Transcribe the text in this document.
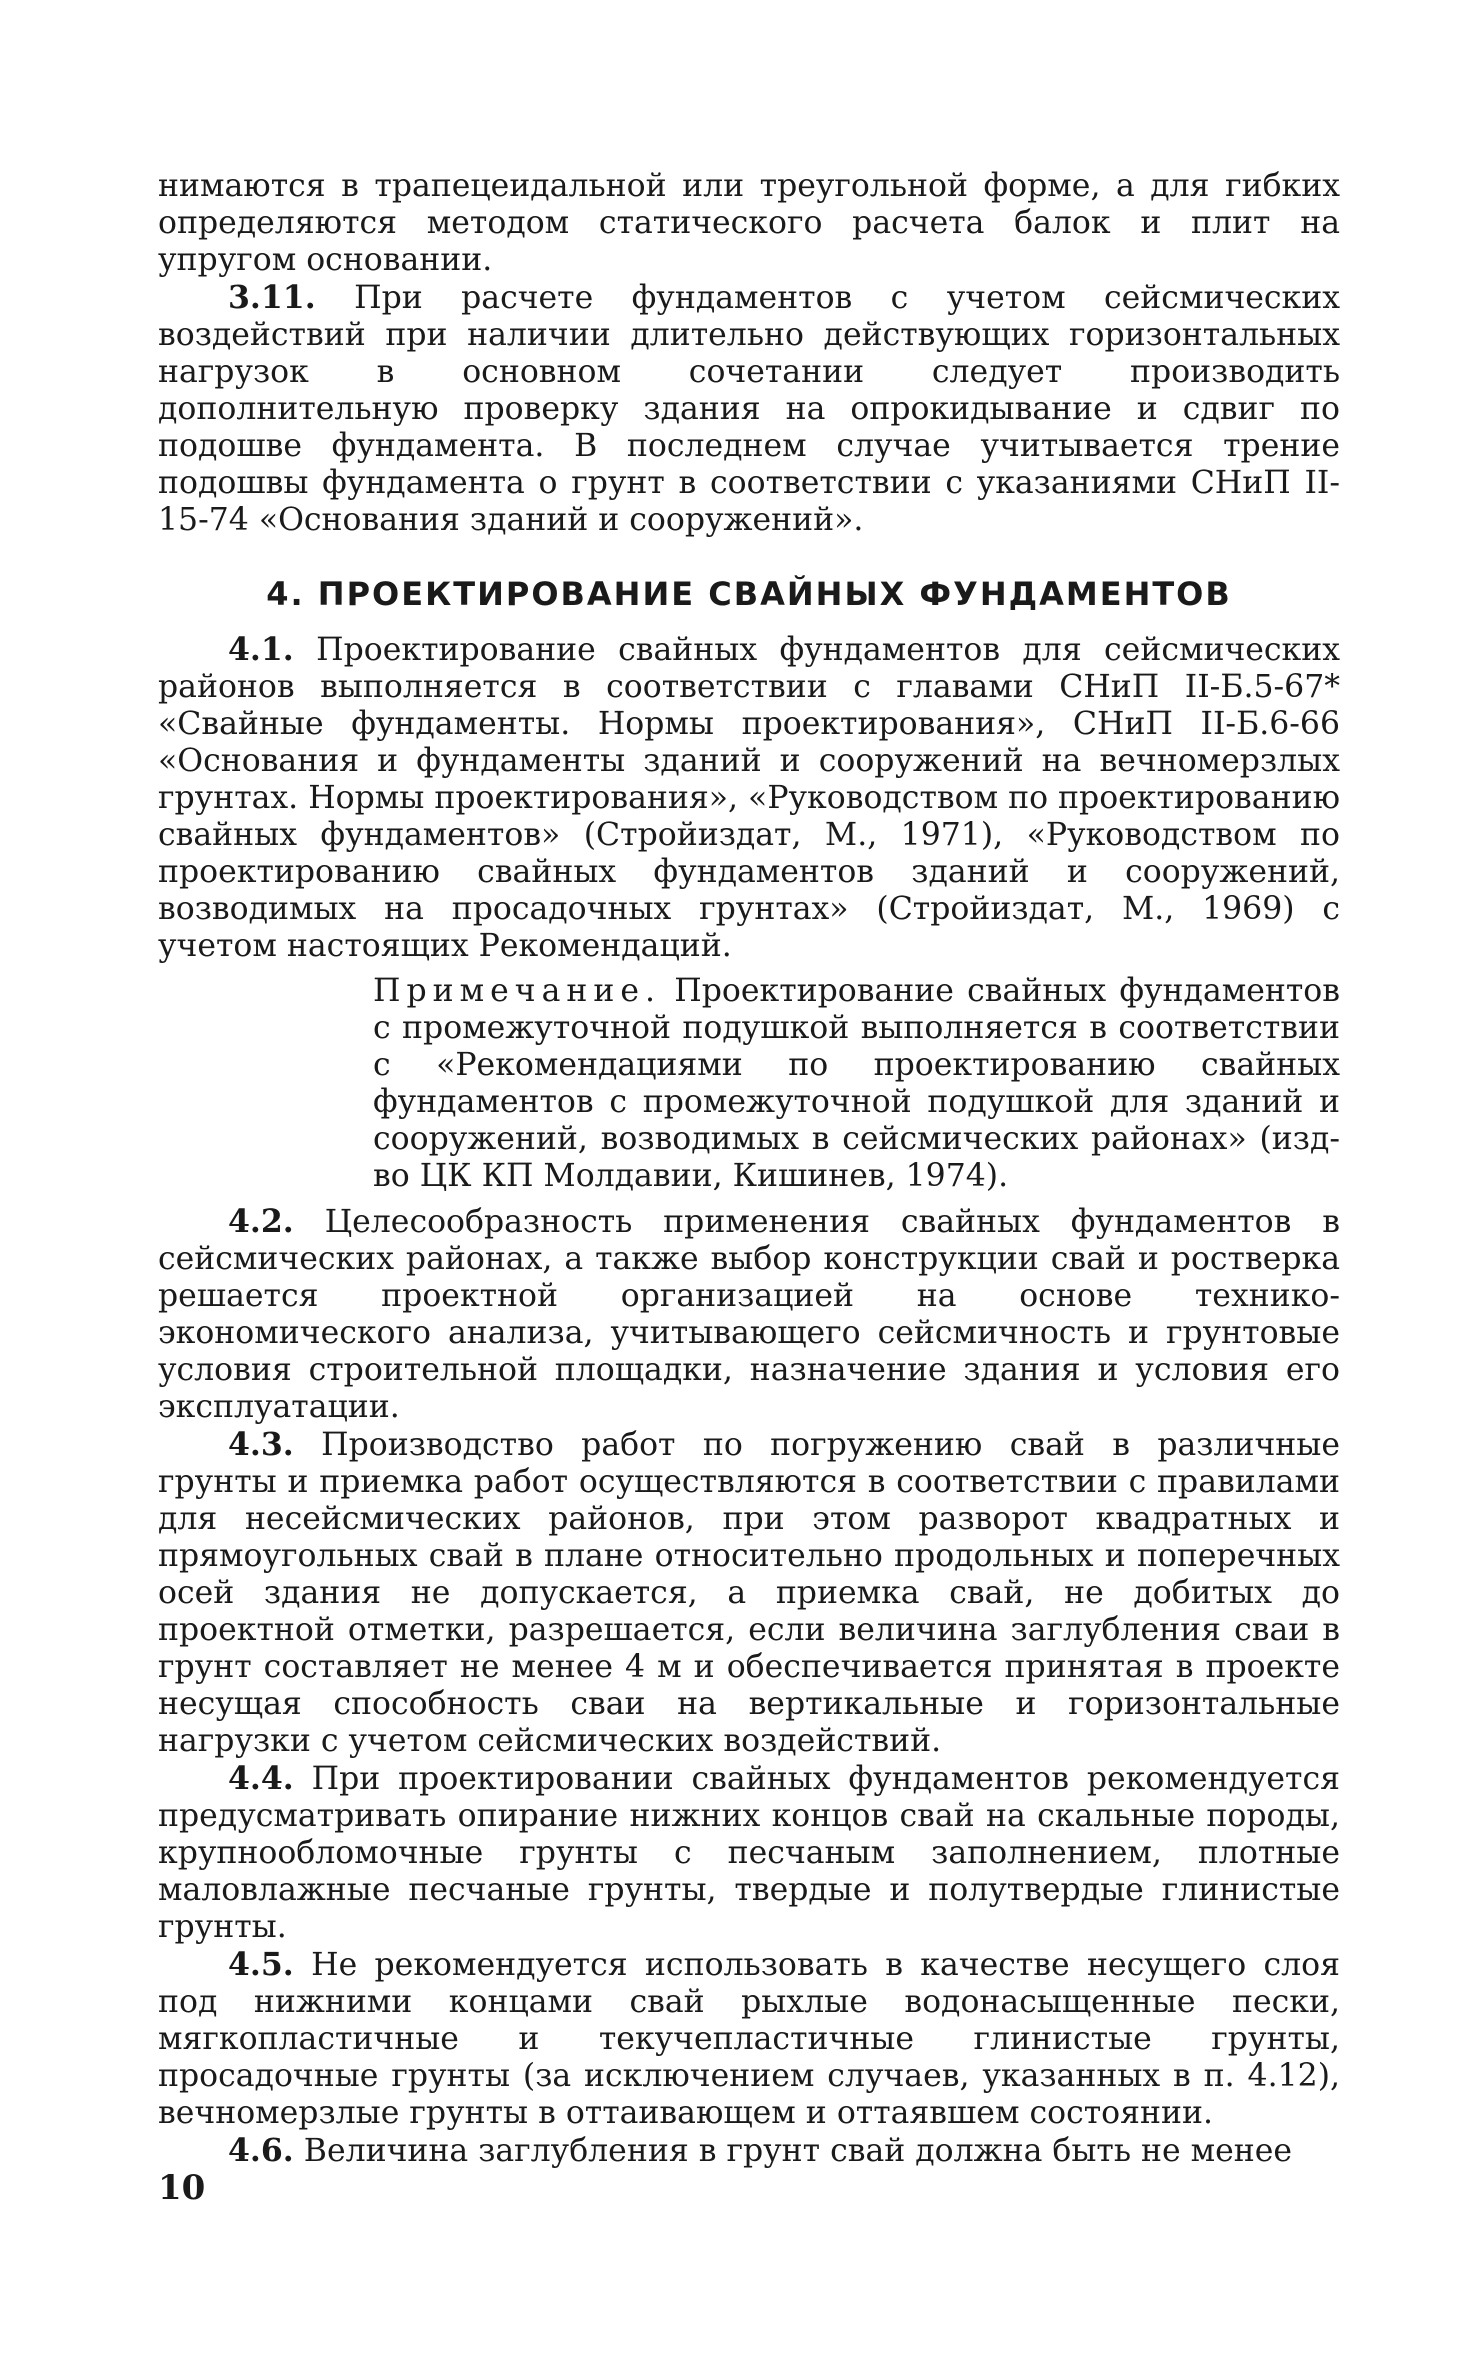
нимаются в трапецеидальной или треугольной форме, а для гибких определяются методом статического расчета балок и плит на упругом основании.

3.11. При расчете фундаментов с учетом сейсмических воздействий при наличии длительно действующих горизонтальных нагрузок в основном сочетании следует производить дополнительную проверку здания на опрокидывание и сдвиг по подошве фундамента. В последнем случае учитывается трение подошвы фундамента о грунт в соответствии с указаниями СНиП II-15-74 «Основания зданий и сооружений».

4. ПРОЕКТИРОВАНИЕ СВАЙНЫХ ФУНДАМЕНТОВ

4.1. Проектирование свайных фундаментов для сейсмических районов выполняется в соответствии с главами СНиП II-Б.5-67* «Свайные фундаменты. Нормы проектирования», СНиП II-Б.6-66 «Основания и фундаменты зданий и сооружений на вечномерзлых грунтах. Нормы проектирования», «Руководством по проектированию свайных фундаментов» (Стройиздат, М., 1971), «Руководством по проектированию свайных фундаментов зданий и сооружений, возводимых на просадочных грунтах» (Стройиздат, М., 1969) с учетом настоящих Рекомендаций.

Примечание. Проектирование свайных фундаментов с промежуточной подушкой выполняется в соответствии с «Рекомендациями по проектированию свайных фундаментов с промежуточной подушкой для зданий и сооружений, возводимых в сейсмических районах» (изд-во ЦК КП Молдавии, Кишинев, 1974).

4.2. Целесообразность применения свайных фундаментов в сейсмических районах, а также выбор конструкции свай и ростверка решается проектной организацией на основе технико-экономического анализа, учитывающего сейсмичность и грунтовые условия строительной площадки, назначение здания и условия его эксплуатации.

4.3. Производство работ по погружению свай в различные грунты и приемка работ осуществляются в соответствии с правилами для несейсмических районов, при этом разворот квадратных и прямоугольных свай в плане относительно продольных и поперечных осей здания не допускается, а приемка свай, не добитых до проектной отметки, разрешается, если величина заглубления сваи в грунт составляет не менее 4 м и обеспечивается принятая в проекте несущая способность сваи на вертикальные и горизонтальные нагрузки с учетом сейсмических воздействий.

4.4. При проектировании свайных фундаментов рекомендуется предусматривать опирание нижних концов свай на скальные породы, крупнообломочные грунты с песчаным заполнением, плотные маловлажные песчаные грунты, твердые и полутвердые глинистые грунты.

4.5. Не рекомендуется использовать в качестве несущего слоя под нижними концами свай рыхлые водонасыщенные пески, мягкопластичные и текучепластичные глинистые грунты, просадочные грунты (за исключением случаев, указанных в п. 4.12), вечномерзлые грунты в оттаивающем и оттаявшем состоянии.

4.6. Величина заглубления в грунт свай должна быть не менее

10
